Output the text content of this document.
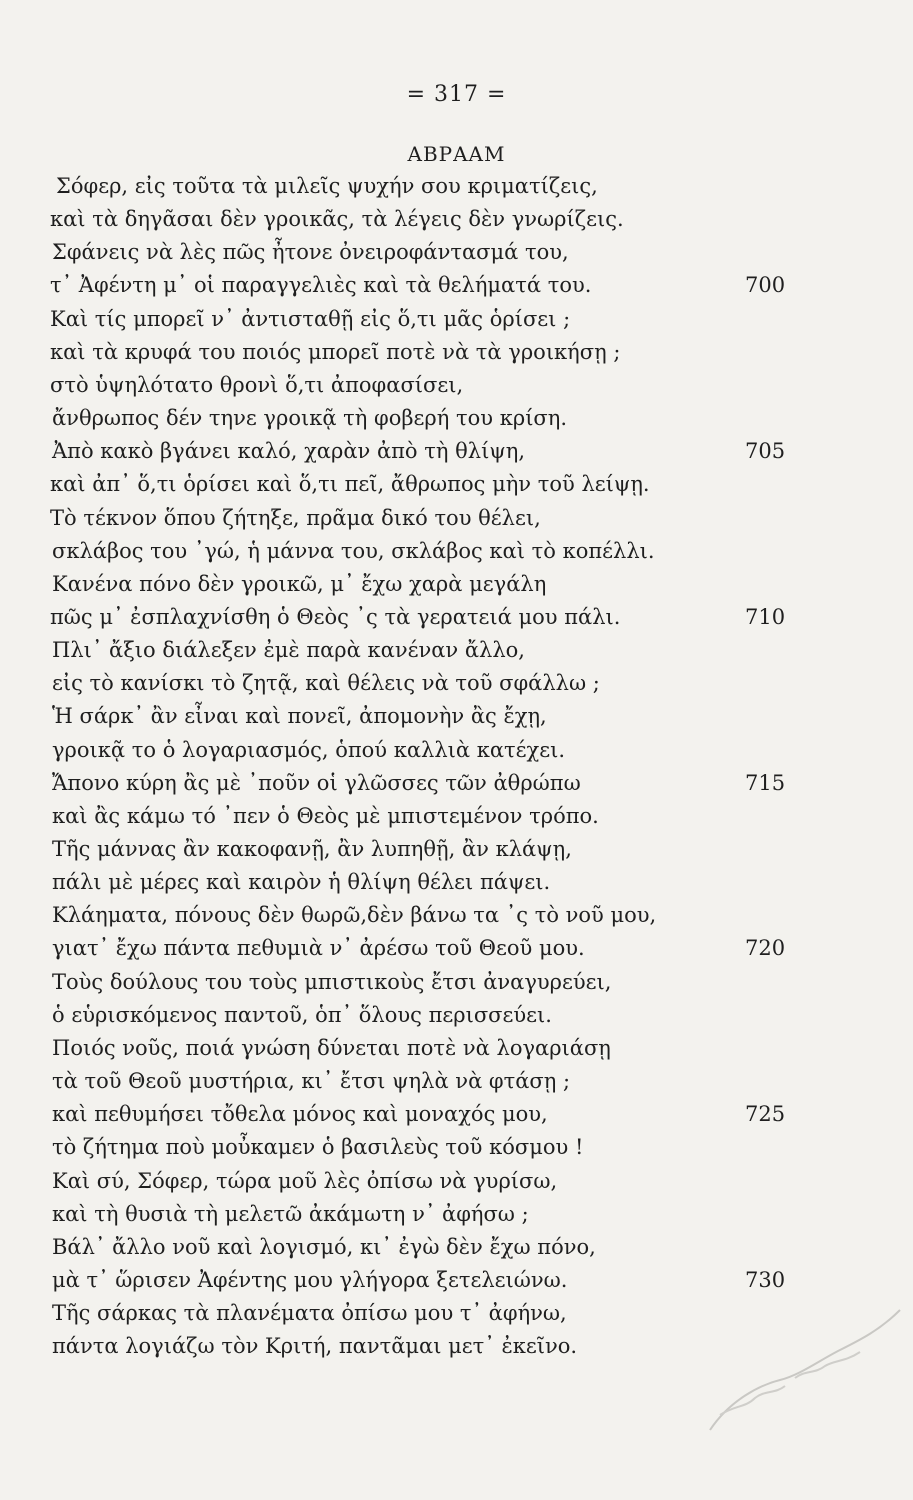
= 317 =
ΑΒΡΑΑΜ
Σόφερ, εἰς τοῦτα τὰ μιλεῖς ψυχήν σου κριματίζεις,
καὶ τὰ δηγᾶσαι δὲν γροικᾶς, τὰ λέγεις δὲν γνωρίζεις.
Σφάνεις νὰ λὲς πῶς ἦτονε ὀνειροφάντασμά του,
τ᾽ Ἀφέντη μ᾽ οἱ παραγγελιὲς καὶ τὰ θελήματά του.	700
Καὶ τίς μπορεῖ ν᾽ ἀντισταθῇ εἰς ὅ,τι μᾶς ὁρίσει ;
καὶ τὰ κρυφά του ποιός μπορεῖ ποτὲ νὰ τὰ γροικήσῃ ;
στὸ ὑψηλότατο θρονὶ ὅ,τι ἀποφασίσει,
ἄνθρωπος δέν τηνε γροικᾷ τὴ φοβερή του κρίση.
Ἀπὸ κακὸ βγάνει καλό, χαρὰν ἀπὸ τὴ θλίψη,	705
καὶ ἀπ᾽ ὅ,τι ὁρίσει καὶ ὅ,τι πεῖ, ἄθρωπος μὴν τοῦ λείψῃ.
Τὸ τέκνον ὅπου ζήτηξε, πρᾶμα δικό του θέλει,
σκλάβος του ᾿γώ, ἡ μάννα του, σκλάβος καὶ τὸ κοπέλλι.
Κανένα πόνο δὲν γροικῶ, μ᾽ ἔχω χαρὰ μεγάλη
πῶς μ᾽ ἐσπλαχνίσθη ὁ Θεὸς ᾿ς τὰ γερατειά μου πάλι.	710
Πλι᾽ ἄξιο διάλεξεν ἐμὲ παρὰ κανέναν ἄλλο,
εἰς τὸ κανίσκι τὸ ζητᾷ, καὶ θέλεις νὰ τοῦ σφάλλω ;
Ἡ σάρκ᾽ ἂν εἶναι καὶ πονεῖ, ἀπομονὴν ἂς ἔχῃ,
γροικᾷ το ὁ λογαριασμός, ὁπού καλλιὰ κατέχει.
Ἄπονο κύρη ἂς μὲ ᾿ποῦν οἱ γλῶσσες τῶν ἀθρώπω	715
καὶ ἂς κάμω τό ᾿πεν ὁ Θεὸς μὲ μπιστεμένον τρόπο.
Τῆς μάννας ἂν κακοφανῇ, ἂν λυπηθῇ, ἂν κλάψῃ,
πάλι μὲ μέρες καὶ καιρὸν ἡ θλίψη θέλει πάψει.
Κλάηματα, πόνους δὲν θωρῶ,δὲν βάνω τα ᾿ς τὸ νοῦ μου,
γιατ᾽ ἔχω πάντα πεθυμιὰ ν᾽ ἀρέσω τοῦ Θεοῦ μου.	720
Τοὺς δούλους του τοὺς μπιστικοὺς ἔτσι ἀναγυρεύει,
ὁ εὑρισκόμενος παντοῦ, ὁπ᾽ ὅλους περισσεύει.
Ποιός νοῦς, ποιά γνώση δύνεται ποτὲ νὰ λογαριάσῃ
τὰ τοῦ Θεοῦ μυστήρια, κι᾽ ἔτσι ψηλὰ νὰ φτάσῃ ;
καὶ πεθυμήσει τὄθελα μόνος καὶ μοναχός μου,	725
τὸ ζήτημα ποὺ μοὖκαμεν ὁ βασιλεὺς τοῦ κόσμου !
Καὶ σύ, Σόφερ, τώρα μοῦ λὲς ὀπίσω νὰ γυρίσω,
καὶ τὴ θυσιὰ τὴ μελετῶ ἀκάμωτη ν᾽ ἀφήσω ;
Βάλ᾽ ἄλλο νοῦ καὶ λογισμό, κι᾽ ἐγὼ δὲν ἔχω πόνο,
μὰ τ᾽ ὥρισεν Ἀφέντης μου γλήγορα ξετελειώνω.	730
Τῆς σάρκας τὰ πλανέματα ὀπίσω μου τ᾽ ἀφήνω,
πάντα λογιάζω τὸν Κριτή, παντᾶμαι μετ᾽ ἐκεῖνο.
